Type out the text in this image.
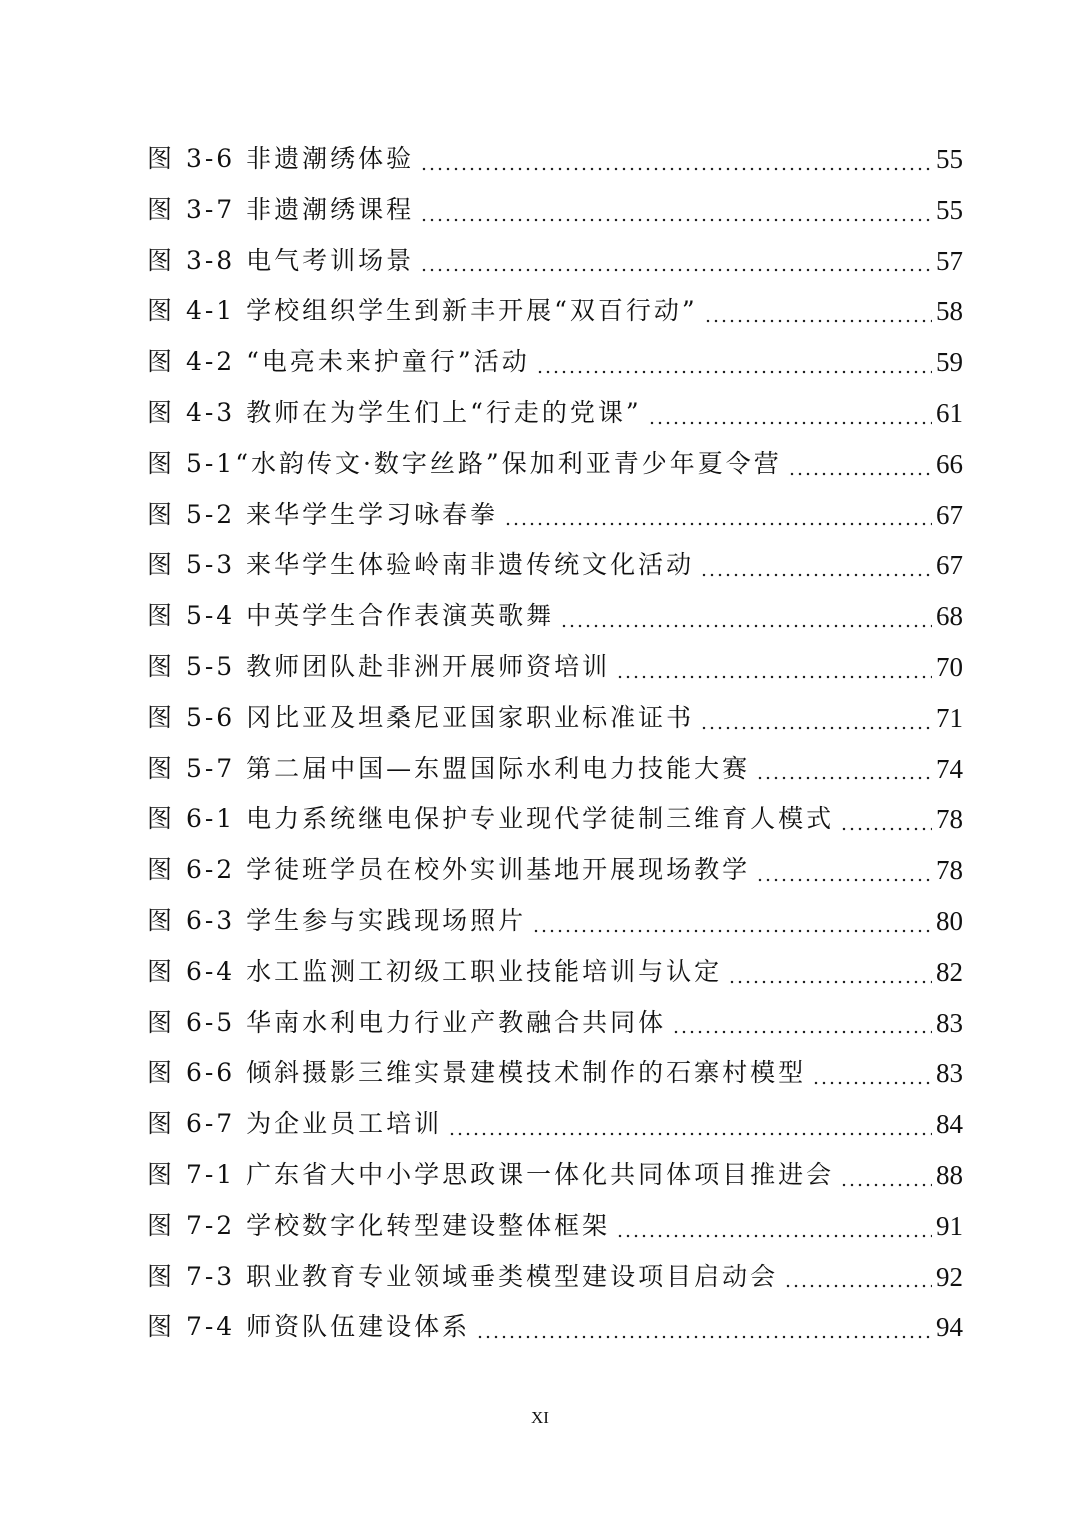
图 3-6 非遗潮绣体验	55
图 3-7 非遗潮绣课程	55
图 3-8 电气考训场景	57
图 4-1 学校组织学生到新丰开展“双百行动”	58
图 4-2 “电亮未来护童行”活动	59
图 4-3 教师在为学生们上“行走的党课”	61
图 5-1“水韵传文·数字丝路”保加利亚青少年夏令营	66
图 5-2 来华学生学习咏春拳	67
图 5-3 来华学生体验岭南非遗传统文化活动	67
图 5-4 中英学生合作表演英歌舞	68
图 5-5 教师团队赴非洲开展师资培训	70
图 5-6 冈比亚及坦桑尼亚国家职业标准证书	71
图 5-7 第二届中国—东盟国际水利电力技能大赛	74
图 6-1 电力系统继电保护专业现代学徒制三维育人模式	78
图 6-2 学徒班学员在校外实训基地开展现场教学	78
图 6-3 学生参与实践现场照片	80
图 6-4 水工监测工初级工职业技能培训与认定	82
图 6-5 华南水利电力行业产教融合共同体	83
图 6-6 倾斜摄影三维实景建模技术制作的石寨村模型	83
图 6-7 为企业员工培训	84
图 7-1 广东省大中小学思政课一体化共同体项目推进会	88
图 7-2 学校数字化转型建设整体框架	91
图 7-3 职业教育专业领域垂类模型建设项目启动会	92
图 7-4 师资队伍建设体系	94
XI
